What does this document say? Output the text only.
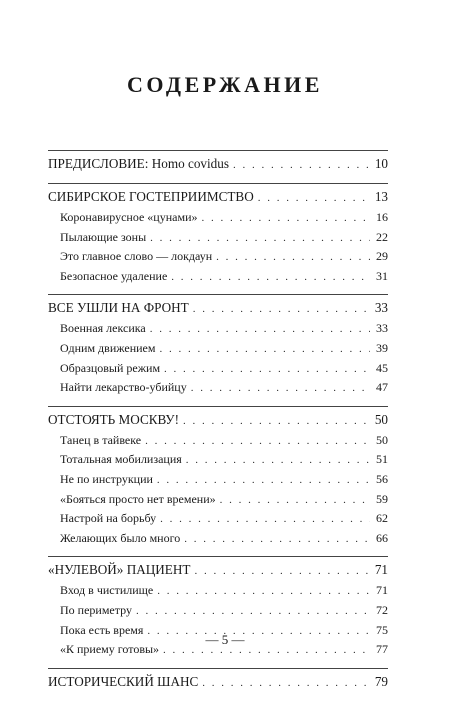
СОДЕРЖАНИЕ
ПРЕДИСЛОВИЕ: Homo covidus . . .	10
СИБИРСКОЕ ГОСТЕПРИИМСТВО . . .	13
Коронавирусное «цунами» . . .	16
Пылающие зоны . . .	22
Это главное слово — локдаун . . .	29
Безопасное удаление . . .	31
ВСЕ УШЛИ НА ФРОНТ . . .	33
Военная лексика . . .	33
Одним движением . . .	39
Образцовый режим . . .	45
Найти лекарство-убийцу . . .	47
ОТСТОЯТЬ МОСКВУ! . . .	50
Танец в тайвеке . . .	50
Тотальная мобилизация . . .	51
Не по инструкции . . .	56
«Бояться просто нет времени» . . .	59
Настрой на борьбу . . .	62
Желающих было много . . .	66
«НУЛЕВОЙ» ПАЦИЕНТ . . .	71
Вход в чистилище . . .	71
По периметру . . .	72
Пока есть время . . .	75
«К приему готовы» . . .	77
ИСТОРИЧЕСКИЙ ШАНС . . .	79
— 5 —
